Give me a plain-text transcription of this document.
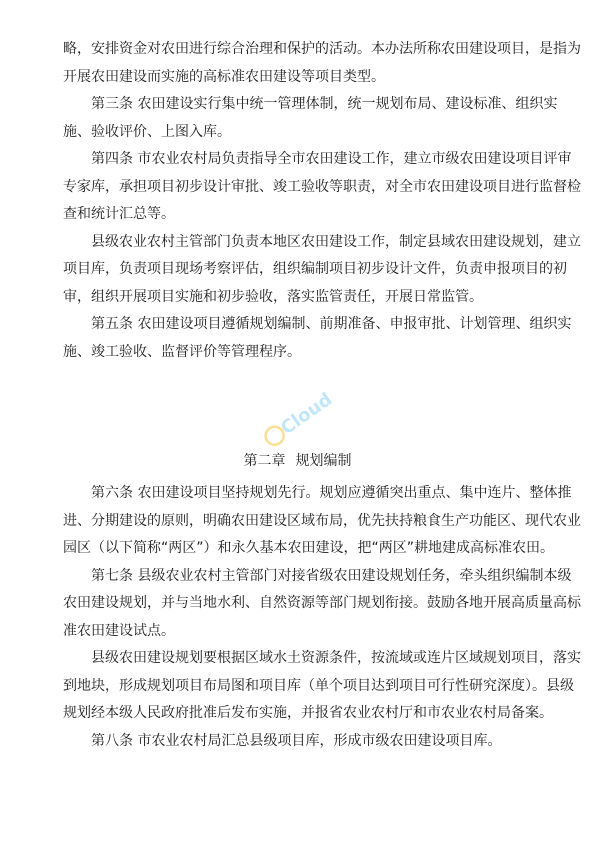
略，安排资金对农田进行综合治理和保护的活动。本办法所称农田建设项目，是指为
开展农田建设而实施的高标准农田建设等项目类型。
　　第三条 农田建设实行集中统一管理体制，统一规划布局、建设标准、组织实
施、验收评价、上图入库。
　　第四条 市农业农村局负责指导全市农田建设工作，建立市级农田建设项目评审
专家库，承担项目初步设计审批、竣工验收等职责，对全市农田建设项目进行监督检
查和统计汇总等。
　　县级农业农村主管部门负责本地区农田建设工作，制定县域农田建设规划，建立
项目库，负责项目现场考察评估，组织编制项目初步设计文件，负责申报项目的初
审，组织开展项目实施和初步验收，落实监管责任，开展日常监管。
　　第五条 农田建设项目遵循规划编制、前期准备、申报审批、计划管理、组织实
施、竣工验收、监督评价等管理程序。
Cloud
第二章 规划编制
　　第六条 农田建设项目坚持规划先行。规划应遵循突出重点、集中连片、整体推
进、分期建设的原则，明确农田建设区域布局，优先扶持粮食生产功能区、现代农业
园区（以下简称“两区”）和永久基本农田建设，把“两区”耕地建成高标准农田。
　　第七条 县级农业农村主管部门对接省级农田建设规划任务，牵头组织编制本级
农田建设规划，并与当地水利、自然资源等部门规划衔接。鼓励各地开展高质量高标
准农田建设试点。
　　县级农田建设规划要根据区域水土资源条件，按流域或连片区域规划项目，落实
到地块，形成规划项目布局图和项目库（单个项目达到项目可行性研究深度）。县级
规划经本级人民政府批准后发布实施，并报省农业农村厅和市农业农村局备案。
　　第八条 市农业农村局汇总县级项目库，形成市级农田建设项目库。
